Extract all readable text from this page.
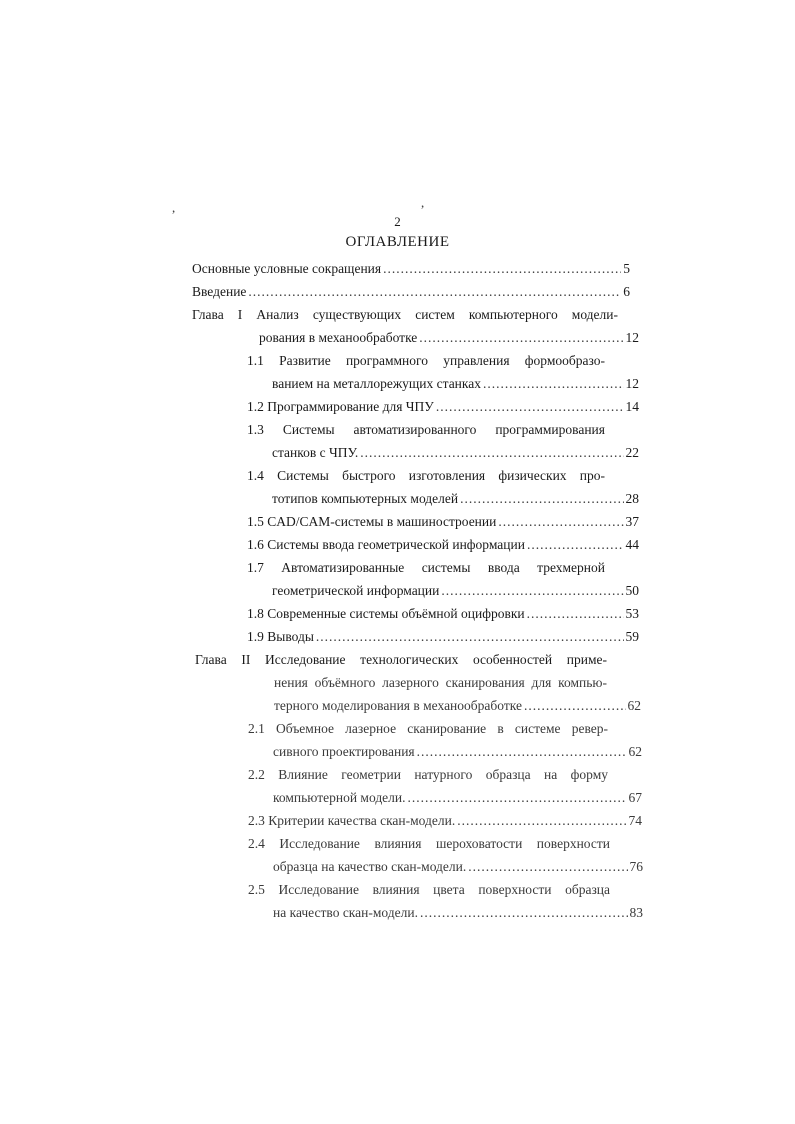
,	,
2
ОГЛАВЛЕНИЕ
Основные условные сокращения .....	5
Введение .....	6
Глава I Анализ существующих систем компьютерного модели-
рования в механообработке .....	12
1.1 Развитие программного управления формообразо-
ванием на металлорежущих станках .....	12
1.2 Программирование для ЧПУ .....	14
1.3 Системы автоматизированного программирования
станков с ЧПУ. .....	22
1.4 Системы быстрого изготовления физических про-
тотипов компьютерных моделей .....	28
1.5 CAD/CAM-системы в машиностроении .....	37
1.6 Системы ввода геометрической информации .....	44
1.7 Автоматизированные системы ввода трехмерной
геометрической информации .....	50
1.8 Современные системы объёмной оцифровки .....	53
1.9 Выводы .....	59
Глава II Исследование технологических особенностей приме-
нения объёмного лазерного сканирования для компью-
терного моделирования в механообработке .....	62
2.1 Объемное лазерное сканирование в системе ревер-
сивного проектирования .....	62
2.2 Влияние геометрии натурного образца на форму
компьютерной модели. .....	67
2.3 Критерии качества скан-модели. .....	74
2.4 Исследование влияния шероховатости поверхности
образца на качество скан-модели. .....	76
2.5 Исследование влияния цвета поверхности образца
на качество скан-модели. .....	83
